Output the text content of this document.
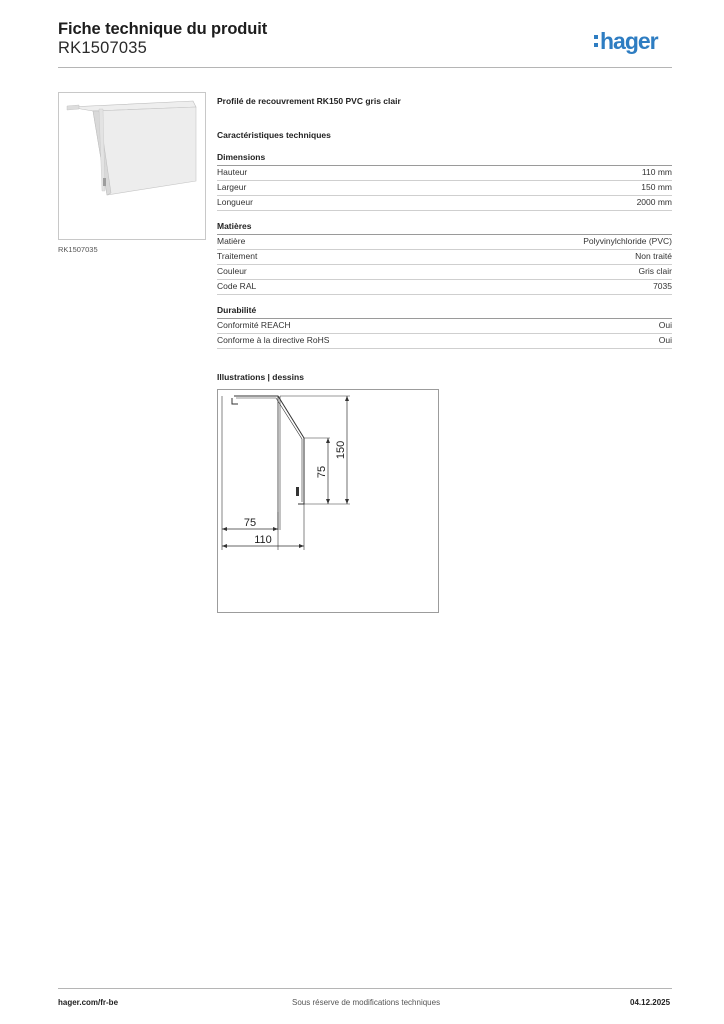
Fiche technique du produit
RK1507035	hager
RK1507035
Profilé de recouvrement RK150 PVC gris clair
Caractéristiques techniques
Dimensions
Hauteur	110 mm
Largeur	150 mm
Longueur	2000 mm
Matières
Matière	Polyvinylchloride (PVC)
Traitement	Non traité
Couleur	Gris clair
Code RAL	7035
Durabilité
Conformité REACH	Oui
Conforme à la directive RoHS	Oui
Illustrations | dessins
75
110
75
150
hager.com/fr-be	Sous réserve de modifications techniques	04.12.2025
